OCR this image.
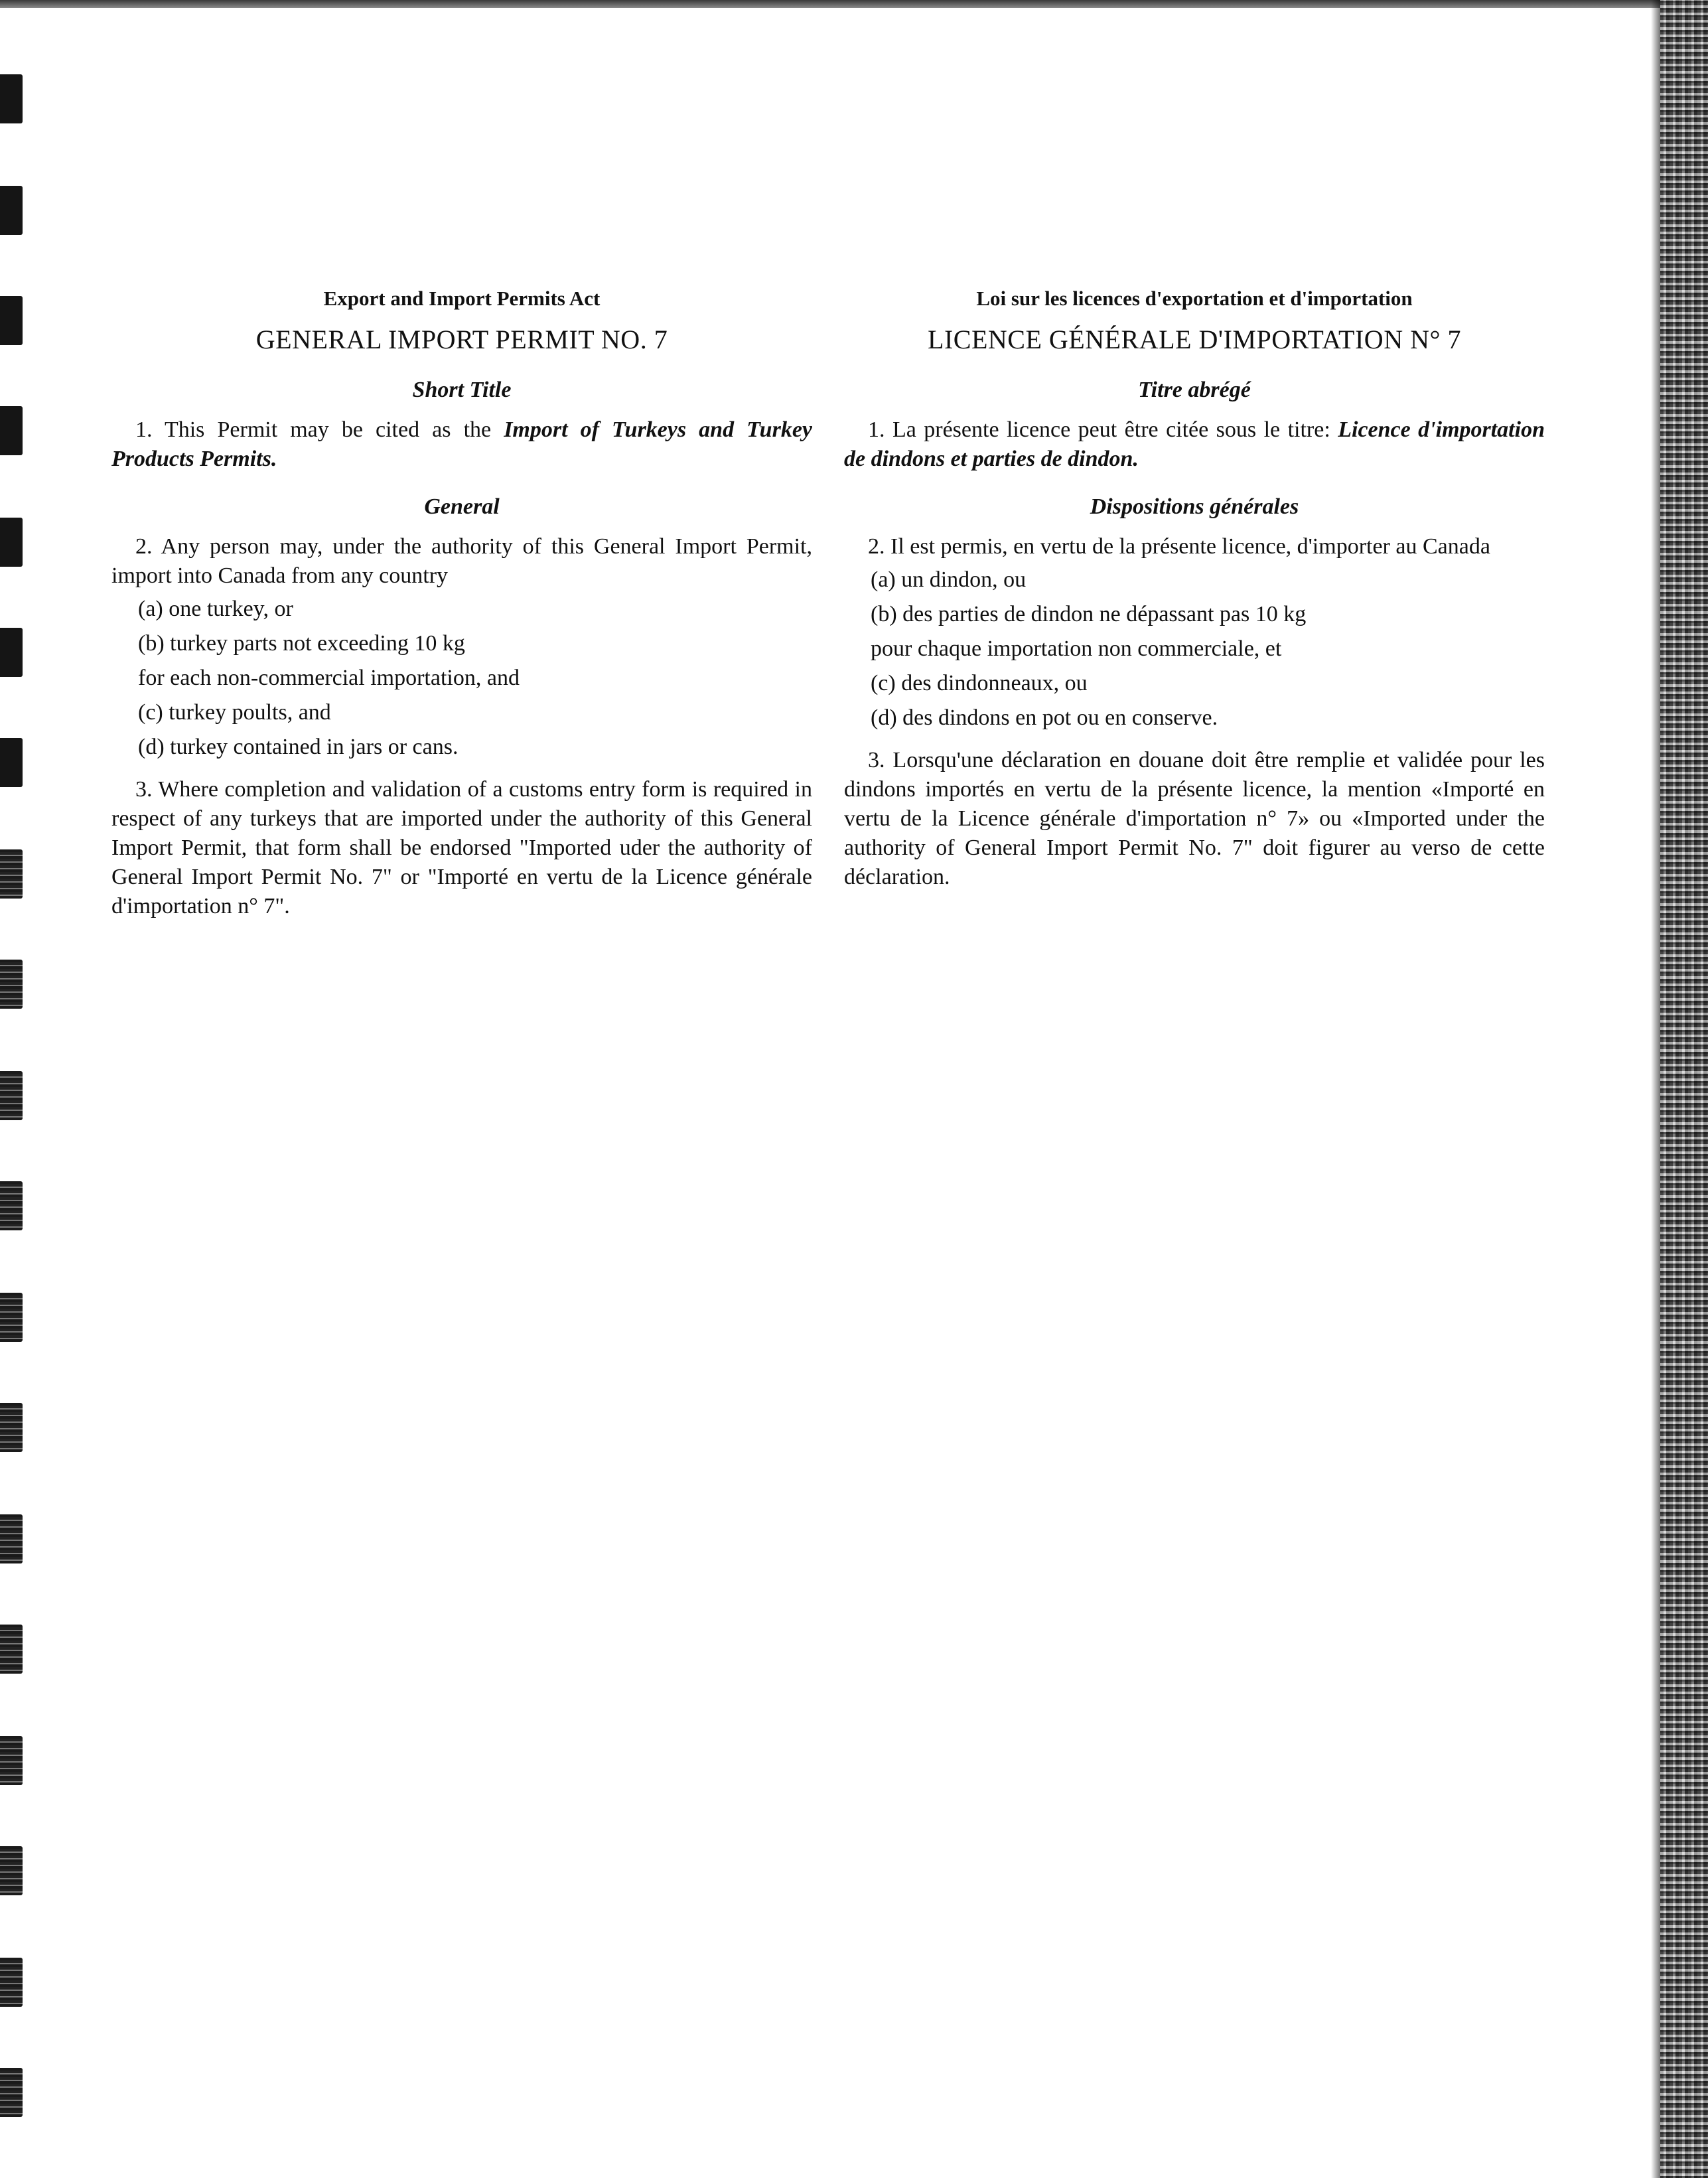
Export and Import Permits Act
GENERAL IMPORT PERMIT NO. 7
Short Title
1. This Permit may be cited as the Import of Turkeys and Turkey Products Permits.
General
2. Any person may, under the authority of this General Import Permit, import into Canada from any country
(a) one turkey, or
(b) turkey parts not exceeding 10 kg
for each non-commercial importation, and
(c) turkey poults, and
(d) turkey contained in jars or cans.
3. Where completion and validation of a customs entry form is required in respect of any turkeys that are imported under the authority of this General Import Permit, that form shall be endorsed "Imported uder the authority of General Import Permit No. 7" or "Importé en vertu de la Licence générale d'importation n° 7".
Loi sur les licences d'exportation et d'importation
LICENCE GÉNÉRALE D'IMPORTATION N° 7
Titre abrégé
1. La présente licence peut être citée sous le titre: Licence d'importation de dindons et parties de dindon.
Dispositions générales
2. Il est permis, en vertu de la présente licence, d'importer au Canada
(a) un dindon, ou
(b) des parties de dindon ne dépassant pas 10 kg
pour chaque importation non commerciale, et
(c) des dindonneaux, ou
(d) des dindons en pot ou en conserve.
3. Lorsqu'une déclaration en douane doit être remplie et validée pour les dindons importés en vertu de la présente licence, la mention «Importé en vertu de la Licence générale d'importation n° 7» ou «Imported under the authority of General Import Permit No. 7" doit figurer au verso de cette déclaration.
